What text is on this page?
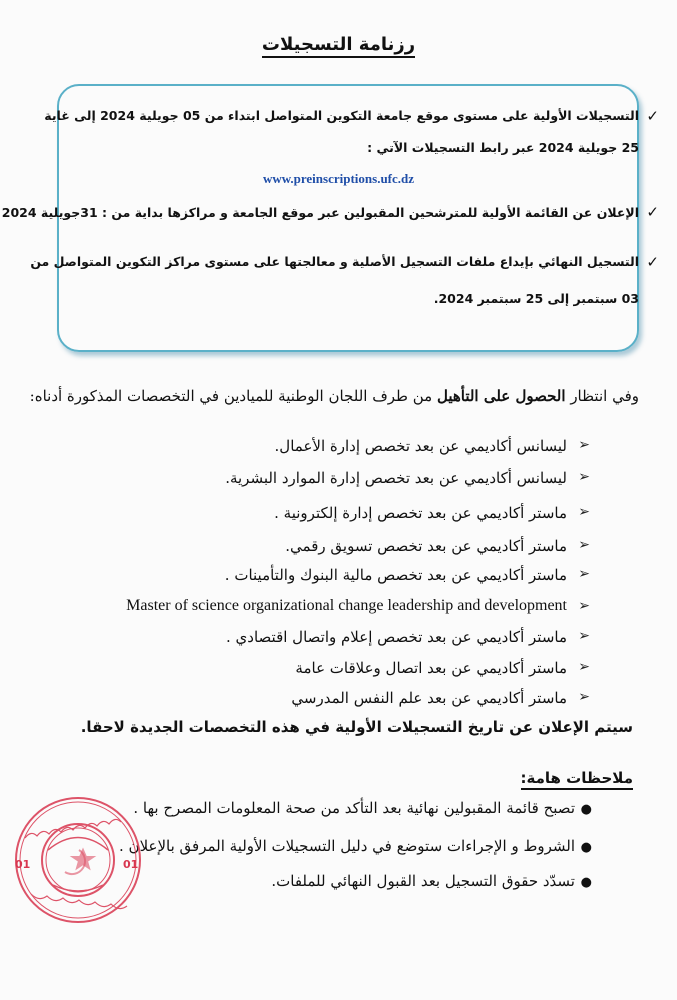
رزنامة التسجيلات
✓
التسجيلات الأولية على مستوى موقع جامعة التكوين المتواصل ابتداء من 05 جويلية 2024 إلى غاية
25 جويلية 2024 عبر رابط التسجيلات الآتي :
www.preinscriptions.ufc.dz
✓
الإعلان عن القائمة الأولية للمترشحين المقبولين عبر موقع الجامعة و مراكزها بداية من : 31جويلية 2024
✓
التسجيل النهائي بإيداع ملفات التسجيل الأصلية و معالجتها على مستوى مراكز التكوين المتواصل من
03 سبتمبر إلى 25 سبتمبر 2024.
وفي انتظار الحصول على التأهيل من طرف اللجان الوطنية للميادين في التخصصات المذكورة أدناه:
➢
ليسانس أكاديمي عن بعد تخصص إدارة الأعمال.
➢
ليسانس أكاديمي عن بعد تخصص إدارة الموارد البشرية.
➢
ماستر أكاديمي عن بعد تخصص إدارة إلكترونية .
➢
ماستر أكاديمي عن بعد تخصص تسويق رقمي.
➢
ماستر أكاديمي عن بعد تخصص مالية البنوك والتأمينات .
➢
Master of science organizational change leadership and development
➢
ماستر أكاديمي عن بعد تخصص إعلام واتصال اقتصادي .
➢
ماستر أكاديمي عن بعد اتصال وعلاقات عامة
➢
ماستر أكاديمي عن بعد علم النفس المدرسي
سيتم الإعلان عن تاريخ التسجيلات الأولية في هذه التخصصات الجديدة لاحقا.
ملاحظات هامة:
●
تصبح قائمة المقبولين نهائية بعد التأكد من صحة المعلومات المصرح بها .
●
الشروط و الإجراءات ستوضع في دليل التسجيلات الأولية المرفق بالإعلان .
●
تسدّد حقوق التسجيل بعد القبول النهائي للملفات.
01	01
